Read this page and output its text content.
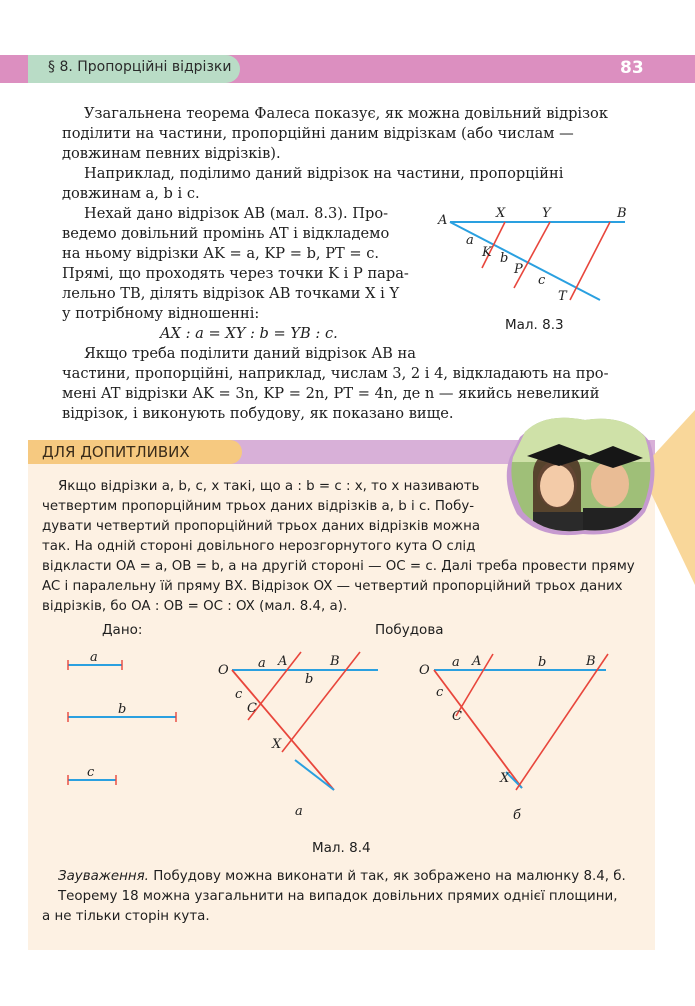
§ 8. Пропорційні відрізки	83
Узагальнена теорема Фалеса показує, як можна довільний відрізок
поділити на частини, пропорційні даним відрізкам (або числам —
довжинам певних відрізків).
Наприклад, поділимо даний відрізок на частини, пропорційні
довжинам a, b і c.
Нехай дано відрізок AB (мал. 8.3). Про-
ведемо довільний промінь AT і відкладемо
на ньому відрізки AK = a, KP = b, PT = c.
Прямі, що проходять через точки K і P пара-
лельно TB, ділять відрізок AB точками X і Y
у потрібному відношенні:
AX : a = XY : b = YB : c.
Якщо треба поділити даний відрізок AB на
частини, пропорційні, наприклад, числам 3, 2 і 4, відкладають на про-
мені AT відрізки AK = 3n, KP = 2n, PT = 4n, де n — якийсь невеликий
відрізок, і виконують побудову, як показано вище.
A	X	Y	B
a
K b
P
c
T
Мал. 8.3
ДЛЯ ДОПИТЛИВИХ
Якщо відрізки a, b, c, x такі, що a : b = c : x, то x називають
четвертим пропорційним трьох даних відрізків a, b і c. Побу-
дувати четвертий пропорційний трьох даних відрізків можна
так. На одній стороні довільного нерозгорнутого кута O слід
відкласти OA = a, OB = b, а на другій стороні — OC = c. Далі треба провести пряму
AC і паралельну їй пряму BX. Відрізок OX — четвертий пропорційний трьох даних
відрізків, бо OA : OB = OC : OX (мал. 8.4, а).
Дано:	Побудова
a
b
c
O a A	B
b
c
C
X
а
O
a A	b	B
c
C
X
б
Мал. 8.4
Зауваження. Побудову можна виконати й так, як зображено на малюнку 8.4, б.
Теорему 18 можна узагальнити на випадок довільних прямих однієї площини,
а не тільки сторін кута.
